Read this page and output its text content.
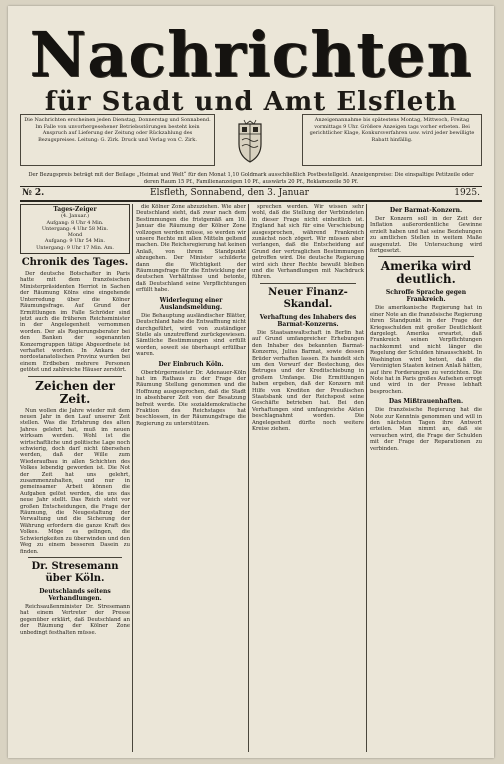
Nachrichten
für Stadt und Amt Elsfleth
Die Nachrichten erscheinen jeden Dienstag, Donnerstag und Sonnabend. Im Falle von unvorhergesehener Betriebsstörungen besteht kein Anspruch auf Lieferung der Zeitung oder Rückzahlung des Bezugspreises. Leitung: G. Zirk. Druck und Verlag von C. Zirk.
Anzeigenannahme bis spätestens Montag, Mittwoch, Freitag vormittags 9 Uhr. Größere Anzeigen tags vorher erbeten. Bei gerichtlicher Klage, Konkursverfahren usw. wird jeder bewilligte Rabatt hinfällig.
Der Bezugspreis beträgt mit der Beilage „Heimat und Welt“ für den Monat 1,10 Goldmark ausschließlich Postbestellgeld. Anzeigenpreise: Die einspaltige Petitzeile oder deren Raum 15 Pf., Familienanzeigen 10 Pf., auswärts 20 Pf., Reklamezeile 50 Pf.
№ 2.	Elsfleth, Sonnabend, den 3. Januar	1925.
Tages-Zeiger
(4. Januar.)
Aufgang: 8 Uhr 4 Min.
Untergang: 4 Uhr 58 Min.
Mond
Aufgang: 9 Uhr 54 Min.
Untergang: 9 Uhr 17 Min. Am.
Chronik des Tages.

Der deutsche Botschafter in Paris hatte mit dem französischen Ministerpräsidenten Herriot in Sachen der Räumung Kölns eine eingehende Unterredung über die Kölner Räumungsfrage. Auf Grund der Ermittlungen im Falle Schröder sind jetzt auch die früheren Reichsminister in der Angelegenheit vernommen worden. Der als Regierungsberater bei den Banken der sogenannten Konzerngruppen tätige Abgeordnete ist verhaftet worden. In Ankara der nordostanatolischen Provinz wurden bei einem Erdbeben mehrere Personen getötet und zahlreiche Häuser zerstört.

Zeichen der Zeit.

Nun wollen die Jahre wieder mit dem neuen Jahr in den Lauf unserer Zeit stellen. Was die Erfahrung des alten Jahres gelehrt hat, muß im neuen wirksam werden. Wohl ist die wirtschaftliche und politische Lage noch schwierig, doch darf nicht übersehen werden, daß der Wille zum Wiederaufbau in allen Schichten des Volkes lebendig geworden ist. Die Not der Zeit hat uns gelehrt, zusammenzuhalten, und nur in gemeinsamer Arbeit können die Aufgaben gelöst werden, die uns das neue Jahr stellt. Das Reich steht vor großen Entscheidungen, die Frage der Räumung, die Neugestaltung der Verwaltung und die Sicherung der Währung erfordern die ganze Kraft des Volkes. Möge es gelingen, die Schwierigkeiten zu überwinden und den Weg zu einem besseren Dasein zu finden.

Dr. Stresemann über Köln.
Deutschlands seitens Verhandlungen.

Reichsaußenminister Dr. Stresemann hat einem Vertreter der Presse gegenüber erklärt, daß Deutschland an der Räumung der Kölner Zone unbedingt festhalten müsse.

die Kölner Zone abzuziehen. Wie aber Deutschland sieht, daß zwar nach dem Bestimmungen die fristgemäß am 10. Januar die Räumung der Kölner Zone vollzogen werden müsse, so werden wir unsere Rechte mit allen Mitteln geltend machen. Die Reichsregierung hat keinen Anlaß, von ihrem Standpunkt abzugehen. Der Minister schilderte dann die Wichtigkeit der Räumungsfrage für die Entwicklung der deutschen Verhältnisse und betonte, daß Deutschland seine Verpflichtungen erfüllt habe.

Widerlegung einer Auslandsmeldung.

Die Behauptung ausländischer Blätter, Deutschland habe die Entwaffnung nicht durchgeführt, wird von zuständiger Stelle als unzutreffend zurückgewiesen. Sämtliche Bestimmungen sind erfüllt worden, soweit sie überhaupt erfüllbar waren.

Der Einbruch Köln.

Oberbürgermeister Dr. Adenauer-Köln hat im Rathaus zu der Frage der Räumung Stellung genommen und die Hoffnung ausgesprochen, daß die Stadt in absehbarer Zeit von der Besatzung befreit werde. Die sozialdemokratische Fraktion des Reichstages hat beschlossen, in der Räumungsfrage die Regierung zu unterstützen.

sprechen werden. Wir wissen sehr wohl, daß die Stellung der Verbündeten in dieser Frage nicht einheitlich ist. England hat sich für eine Verschiebung ausgesprochen, während Frankreich zunächst noch zögert. Wir müssen aber verlangen, daß die Entscheidung auf Grund der vertraglichen Bestimmungen getroffen wird. Die deutsche Regierung wird sich ihrer Rechte bewußt bleiben und die Verhandlungen mit Nachdruck führen.

Neuer Finanz-Skandal.
Verhaftung des Inhabers des Barmat-Konzerns.

Die Staatsanwaltschaft in Berlin hat auf Grund umfangreicher Erhebungen den Inhaber des bekannten Barmat-Konzerns, Julius Barmat, sowie dessen Brüder verhaften lassen. Es handelt sich um den Vorwurf der Bestechung, des Betruges und der Kreditschiebung in großem Umfange. Die Ermittlungen haben ergeben, daß der Konzern mit Hilfe von Krediten der Preußischen Staatsbank und der Reichspost seine Geschäfte betrieben hat. Bei den Verhaftungen sind umfangreiche Akten beschlagnahmt worden. Die Angelegenheit dürfte noch weitere Kreise ziehen.

Der Barmat-Konzern.

Der Konzern soll in der Zeit der Inflation außerordentliche Gewinne erzielt haben und hat seine Beziehungen zu amtlichen Stellen in weitem Maße ausgenutzt. Die Untersuchung wird fortgesetzt.

Amerika wird deutlich.
Schroffe Sprache gegen Frankreich.

Die amerikanische Regierung hat in einer Note an die französische Regierung ihren Standpunkt in der Frage der Kriegsschulden mit großer Deutlichkeit dargelegt. Amerika erwartet, daß Frankreich seinen Verpflichtungen nachkommt und nicht länger die Regelung der Schulden hinausschiebt. In Washington wird betont, daß die Vereinigten Staaten keinen Anlaß hätten, auf ihre Forderungen zu verzichten. Die Note hat in Paris großes Aufsehen erregt und wird in der Presse lebhaft besprochen.

Das Mißtrauenhaften.

Die französische Regierung hat die Note zur Kenntnis genommen und will in den nächsten Tagen ihre Antwort erteilen. Man nimmt an, daß sie versuchen wird, die Frage der Schulden mit der Frage der Reparationen zu verbinden.
